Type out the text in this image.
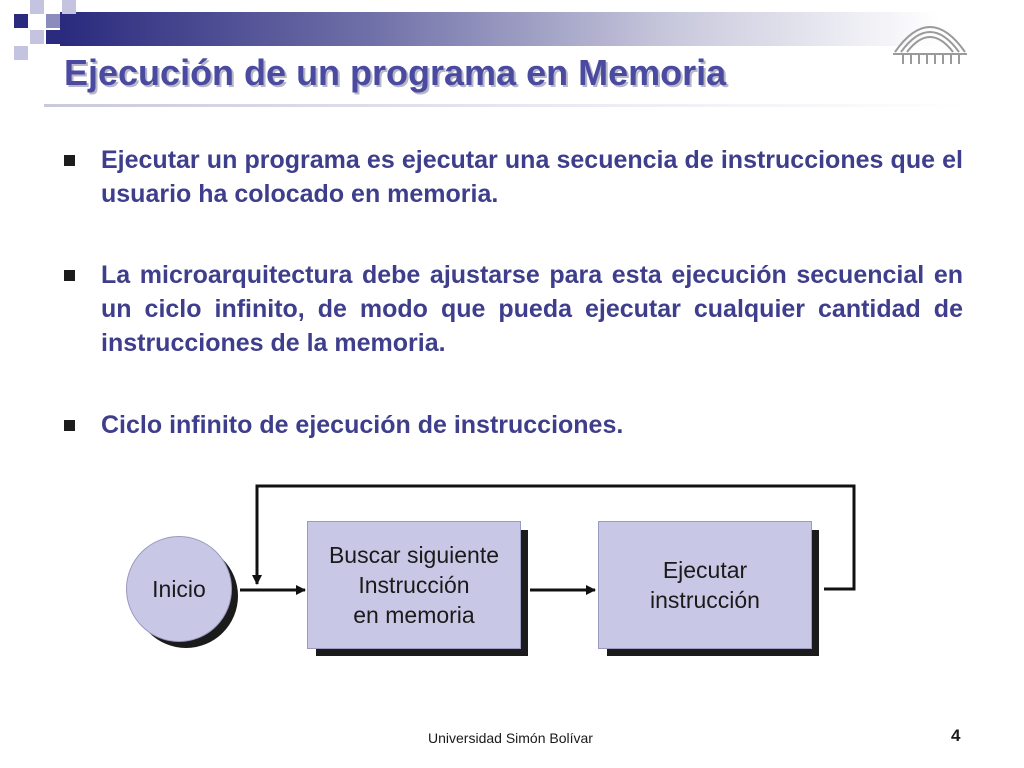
Ejecución de un programa en Memoria
Ejecutar un programa es ejecutar una secuencia de instrucciones que el usuario ha colocado en memoria.
La microarquitectura debe ajustarse para esta ejecución secuencial en un ciclo infinito, de modo que pueda ejecutar cualquier cantidad de instrucciones de la memoria.
Ciclo infinito de ejecución de instrucciones.
Inicio
Buscar siguiente
Instrucción
en memoria
Ejecutar
instrucción
Universidad Simón Bolívar	4
